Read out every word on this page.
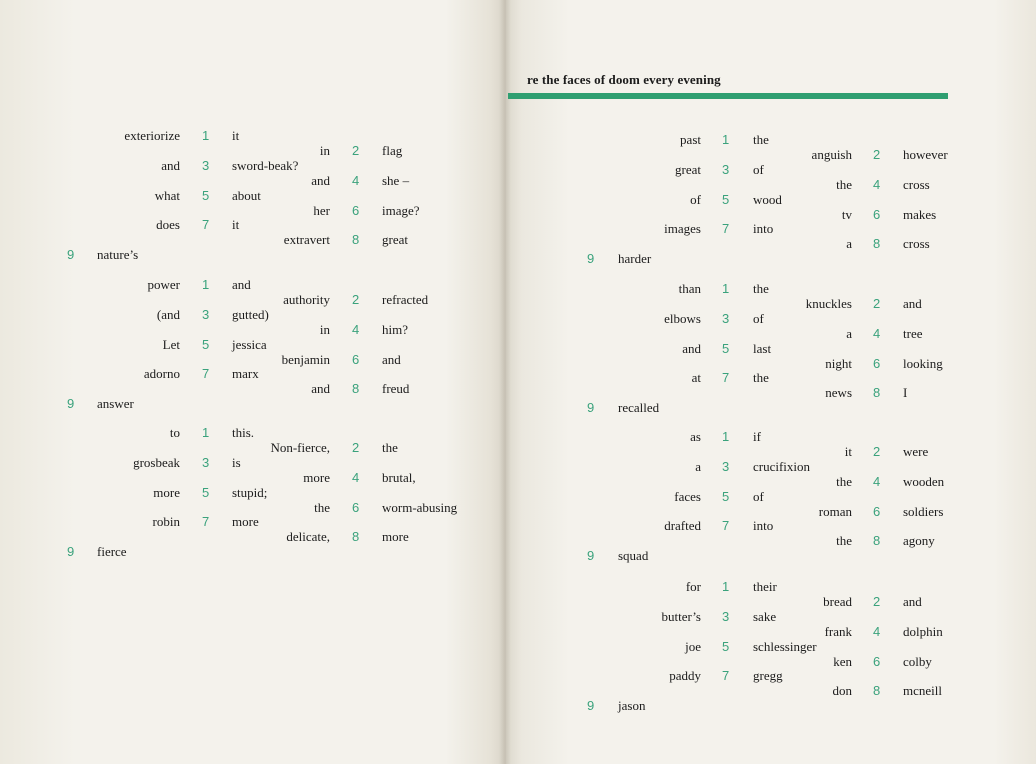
re the faces of doom every evening
exteriorize 1 it
in 2 flag
and 3 sword-beak?
and 4 she –
what 5 about
her 6 image?
does 7 it
extravert 8 great
9 nature’s
power 1 and
authority 2 refracted
(and 3 gutted)
in 4 him?
Let 5 jessica
benjamin 6 and
adorno 7 marx
and 8 freud
9 answer
to 1 this.
Non-fierce, 2 the
grosbeak 3 is
more 4 brutal,
more 5 stupid;
the 6 worm-abusing
robin 7 more
delicate, 8 more
9 fierce
past 1 the
anguish 2 however
great 3 of
the 4 cross
of 5 wood
tv 6 makes
images 7 into
a 8 cross
9 harder
than 1 the
knuckles 2 and
elbows 3 of
a 4 tree
and 5 last
night 6 looking
at 7 the
news 8 I
9 recalled
as 1 if
it 2 were
a 3 crucifixion
the 4 wooden
faces 5 of
roman 6 soldiers
drafted 7 into
the 8 agony
9 squad
for 1 their
bread 2 and
butter’s 3 sake
frank 4 dolphin
joe 5 schlessinger
ken 6 colby
paddy 7 gregg
don 8 mcneill
9 jason
